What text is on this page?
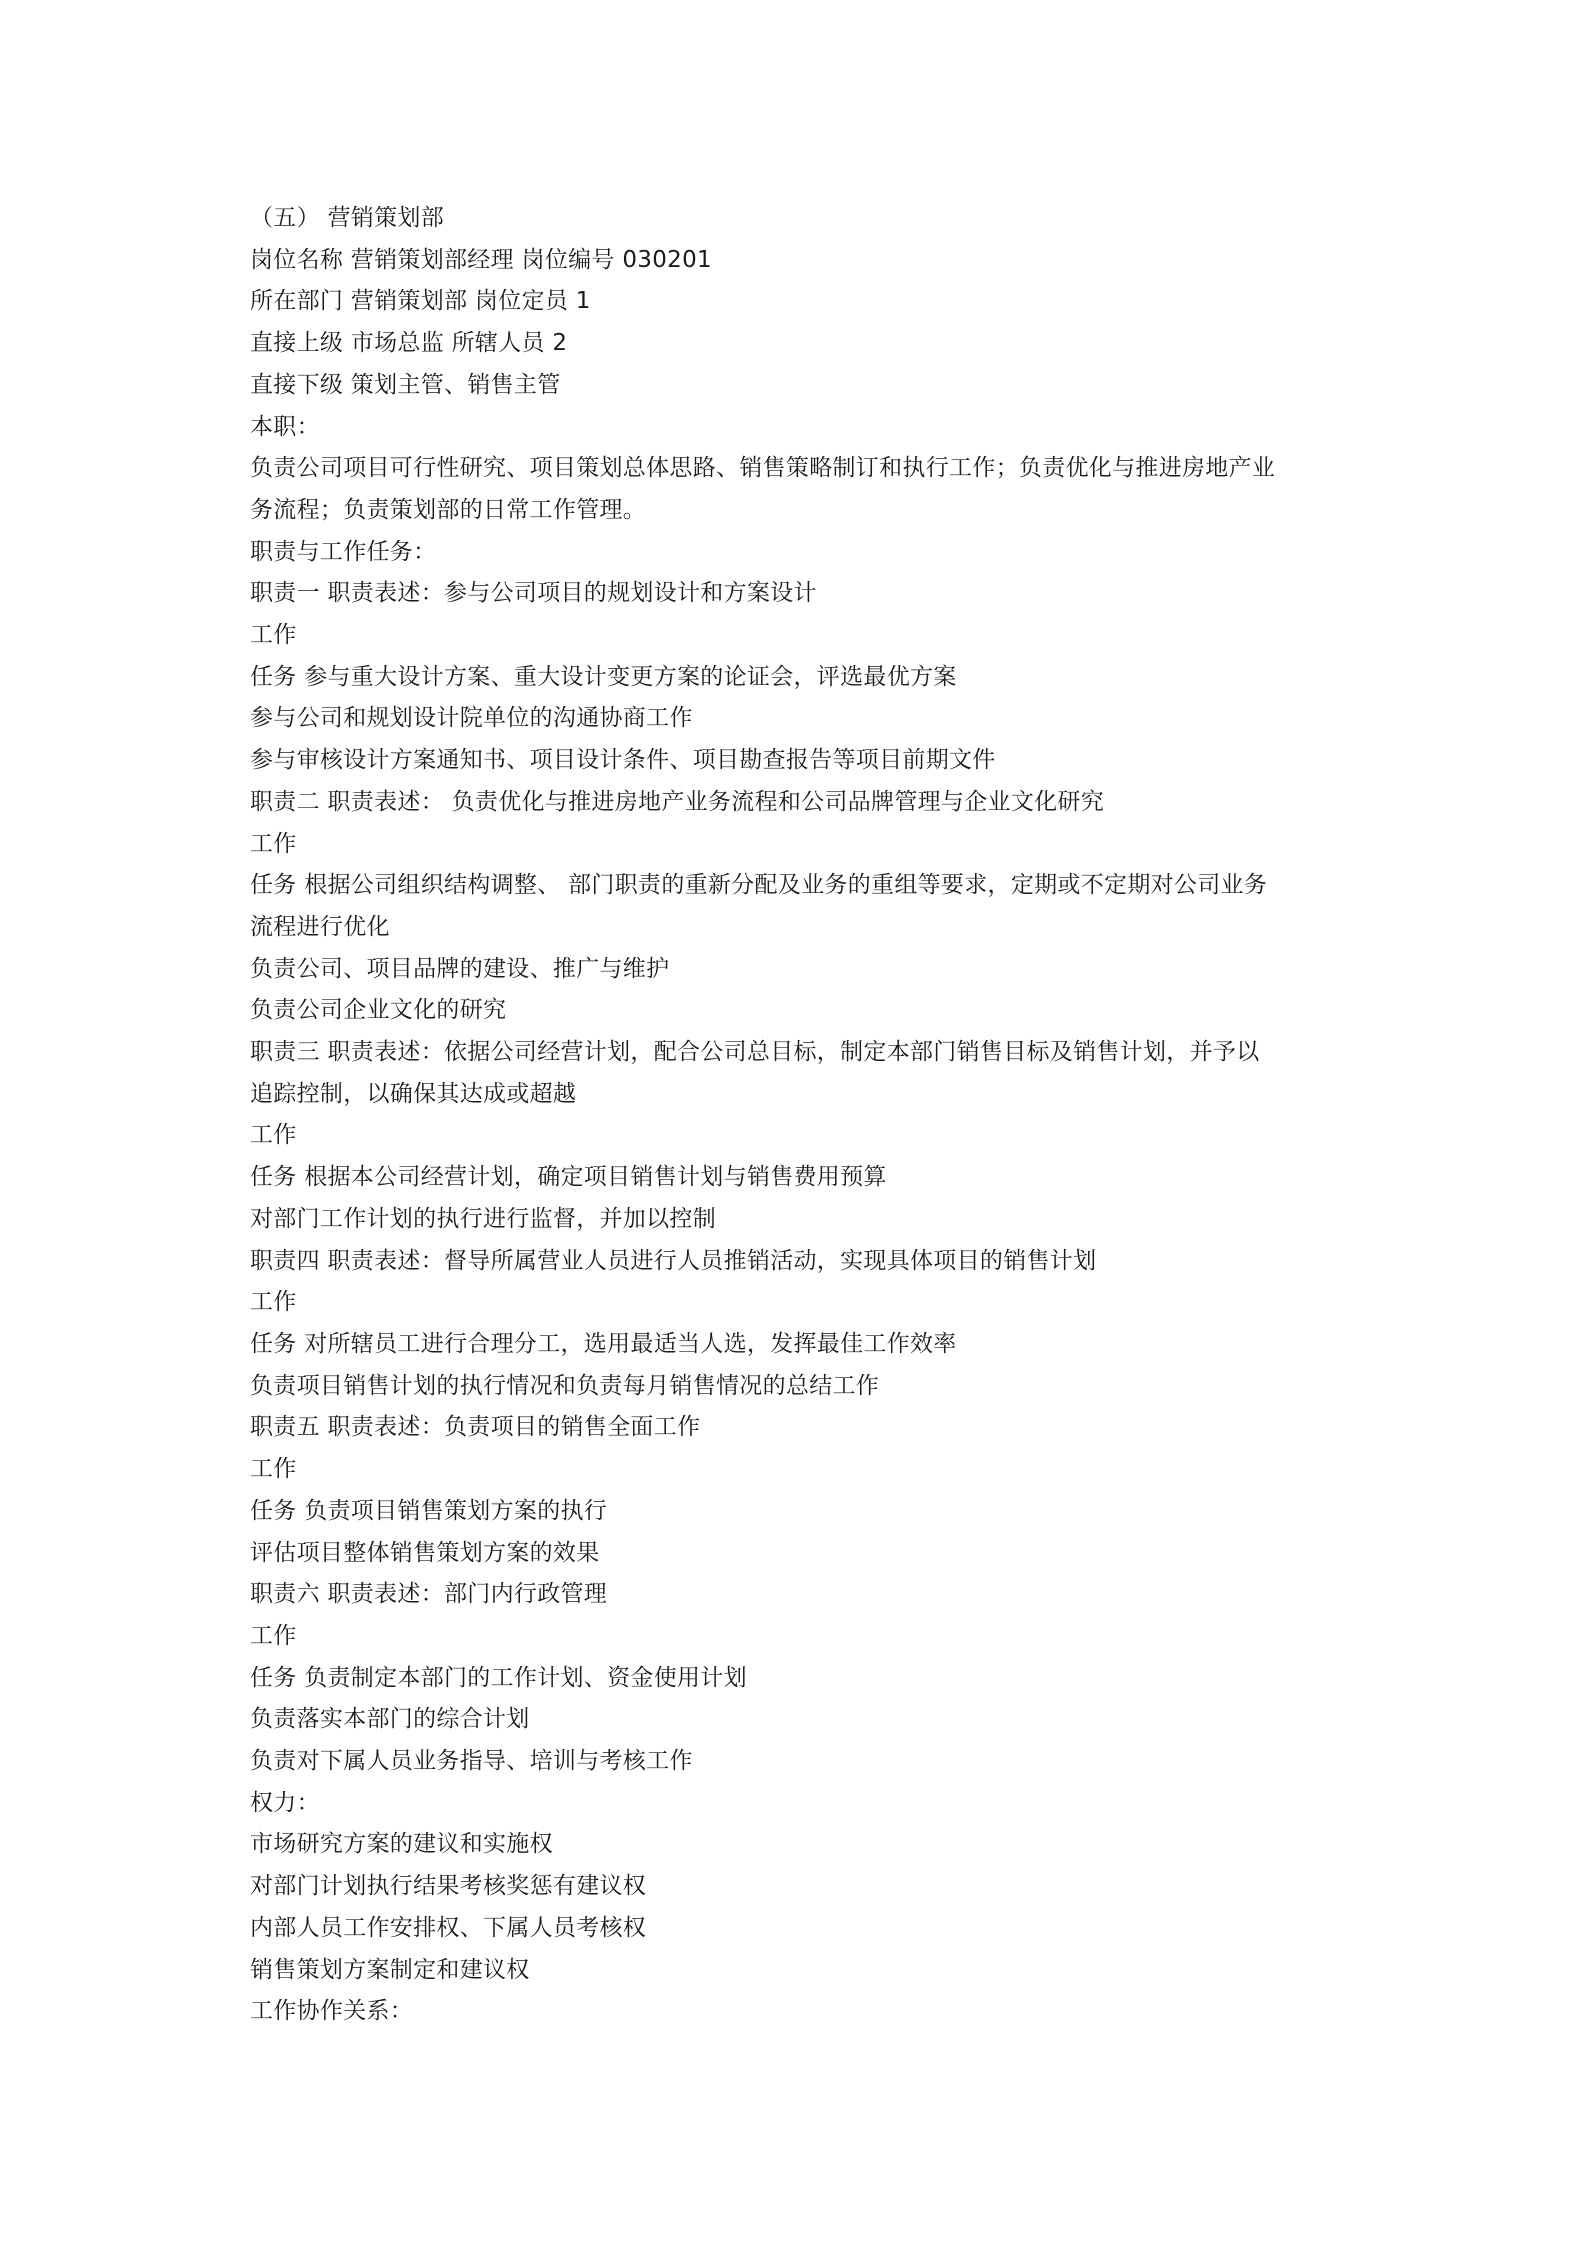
（五） 营销策划部
岗位名称 营销策划部经理 岗位编号 030201
所在部门 营销策划部 岗位定员 1
直接上级 市场总监 所辖人员 2
直接下级 策划主管、销售主管
本职：
负责公司项目可行性研究、项目策划总体思路、销售策略制订和执行工作；负责优化与推进房地产业
务流程；负责策划部的日常工作管理。
职责与工作任务：
职责一 职责表述：参与公司项目的规划设计和方案设计
工作
任务 参与重大设计方案、重大设计变更方案的论证会，评选最优方案
参与公司和规划设计院单位的沟通协商工作
参与审核设计方案通知书、项目设计条件、项目勘查报告等项目前期文件
职责二 职责表述： 负责优化与推进房地产业务流程和公司品牌管理与企业文化研究
工作
任务 根据公司组织结构调整、 部门职责的重新分配及业务的重组等要求，定期或不定期对公司业务
流程进行优化
负责公司、项目品牌的建设、推广与维护
负责公司企业文化的研究
职责三 职责表述：依据公司经营计划，配合公司总目标，制定本部门销售目标及销售计划，并予以
追踪控制，以确保其达成或超越
工作
任务 根据本公司经营计划，确定项目销售计划与销售费用预算
对部门工作计划的执行进行监督，并加以控制
职责四 职责表述：督导所属营业人员进行人员推销活动，实现具体项目的销售计划
工作
任务 对所辖员工进行合理分工，选用最适当人选，发挥最佳工作效率
负责项目销售计划的执行情况和负责每月销售情况的总结工作
职责五 职责表述：负责项目的销售全面工作
工作
任务 负责项目销售策划方案的执行
评估项目整体销售策划方案的效果
职责六 职责表述：部门内行政管理
工作
任务 负责制定本部门的工作计划、资金使用计划
负责落实本部门的综合计划
负责对下属人员业务指导、培训与考核工作
权力：
市场研究方案的建议和实施权
对部门计划执行结果考核奖惩有建议权
内部人员工作安排权、下属人员考核权
销售策划方案制定和建议权
工作协作关系：
